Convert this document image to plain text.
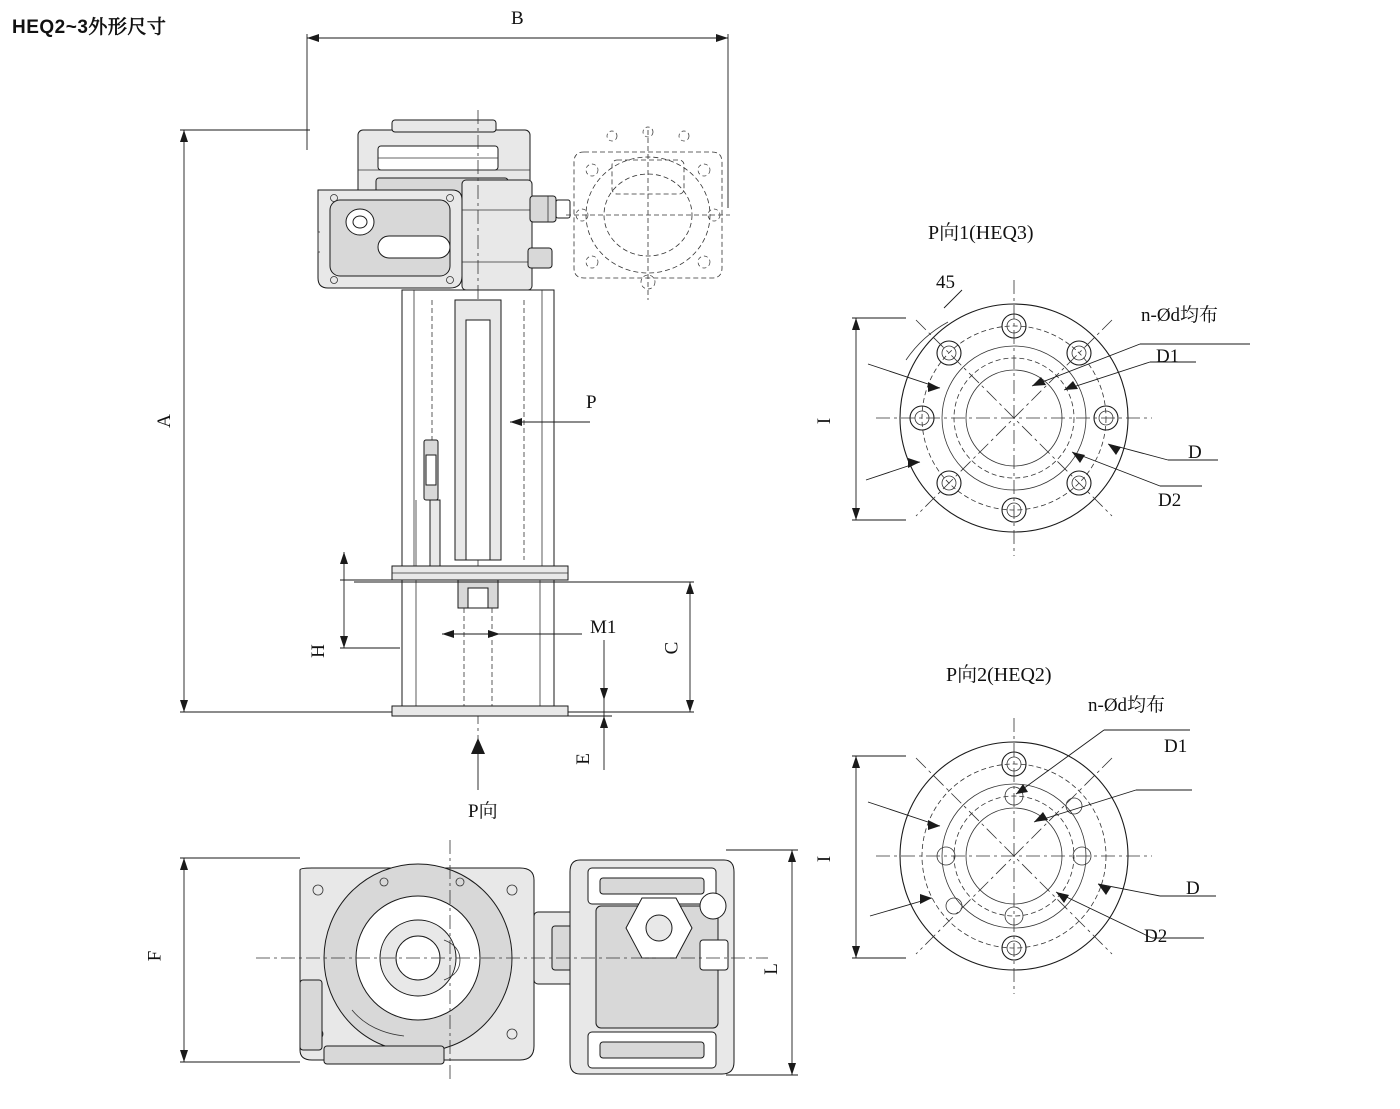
HEQ2~3外形尺寸	B
A
P
M1
H	C
E
P向
F
L
P向1(HEQ3)
45
n-Ød均布
D1
D
D2
I
P向2(HEQ2)
n-Ød均布
D1
D
D2
I
